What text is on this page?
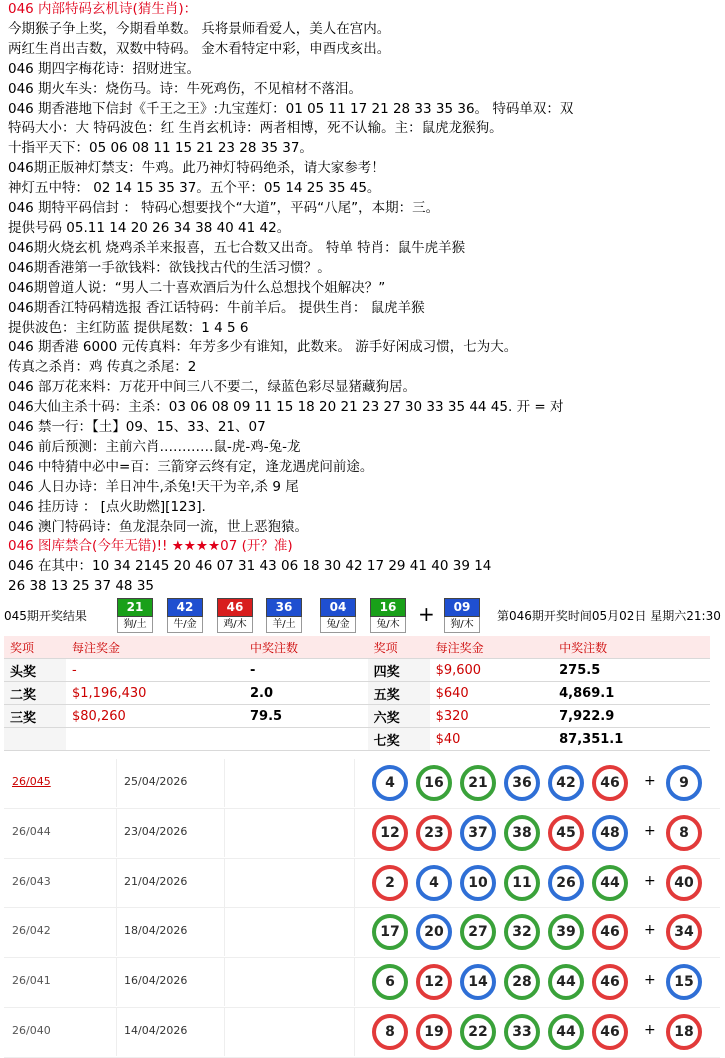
046 内部特码玄机诗(猜生肖)：
今期猴子争上奖，今期看单数。 兵将景师看爱人，美人在宫内。
两红生肖出吉数，双数中特码。 金木看特定中彩，申酉戌亥出。
046 期四字梅花诗：招财进宝。
046 期火车头：烧伤马。诗：牛死鸡伤，不见棺材不落泪。
046 期香港地下信封《千王之王》:九宝莲灯：01 05 11 17 21 28 33 35 36。 特码单双：双
特码大小：大 特码波色：红 生肖玄机诗：两者相博，死不认输。主：鼠虎龙猴狗。
十指平天下：05 06 08 11 15 21 23 28 35 37。
046期正版神灯禁支：牛鸡。此乃神灯特码绝杀，请大家参考！
神灯五中特： 02 14 15 35 37。五个平：05 14 25 35 45。
046 期特平码信封 ： 特码心想要找个“大道”，平码“八尾”，本期：三。
提供号码 05.11 14 20 26 34 38 40 41 42。
046期火烧玄机 烧鸡杀羊来报喜，五七合数又出奇。 特单 特肖：鼠牛虎羊猴
046期香港第一手欲钱料：欲钱找古代的生活习惯？。
046期曾道人说：“男人二十喜欢酒后为什么总想找个姐解决？”
046期香江特码精选报 香江话特码：牛前羊后。 提供生肖： 鼠虎羊猴
提供波色：主红防蓝 提供尾数：1 4 5 6
046 期香港 6000 元传真料：年芳多少有谁知，此数来。 游手好闲成习惯，七为大。
传真之杀肖：鸡 传真之杀尾：2
046 部万花来料：万花开中间三八不要二，绿蓝色彩尽显猪藏狗居。
046大仙主杀十码：主杀：03 06 08 09 11 15 18 20 21 23 27 30 33 35 44 45. 开 = 对
046 禁一行：【土】09、15、33、21、07
046 前后预测：主前六肖…………鼠-虎-鸡-兔-龙
046 中特猜中必中=百：三箭穿云终有定，逢龙遇虎问前途。
046 人日办诗：羊日冲牛,杀兔!天干为辛,杀 9 尾
046 挂历诗 ： [点火助燃][123].
046 澳门特码诗：鱼龙混杂同一流，世上恶狍猿。
046 图库禁合(今年无错)!! ★★★★07 (开？准)
046 在其中：10 34 2145 20 46 07 31 43 06 18 30 42 17 29 41 40 39 14
26 38 13 25 37 48 35
045期开奖结果
21
狗/土
42
牛/金
46
鸡/木
36
羊/土
04
兔/金
16
兔/木
09
狗/木
+	第046期开奖时间05月02日 星期六21:30
奖项	每注奖金	中奖注数	奖项	每注奖金	中奖注数
头奖	-	-	四奖	$9,600	275.5
二奖	$1,196,430	2.0	五奖	$640	4,869.1
三奖	$80,260	79.5	六奖	$320	7,922.9
			七奖	$40	87,351.1
26/045	25/04/2026	4	16	21	36	42	46	+	9
26/044	23/04/2026	12	23	37	38	45	48	+	8
26/043	21/04/2026	2	4	10	11	26	44	+	40
26/042	18/04/2026	17	20	27	32	39	46	+	34
26/041	16/04/2026	6	12	14	28	44	46	+	15
26/040	14/04/2026	8	19	22	33	44	46	+	18
